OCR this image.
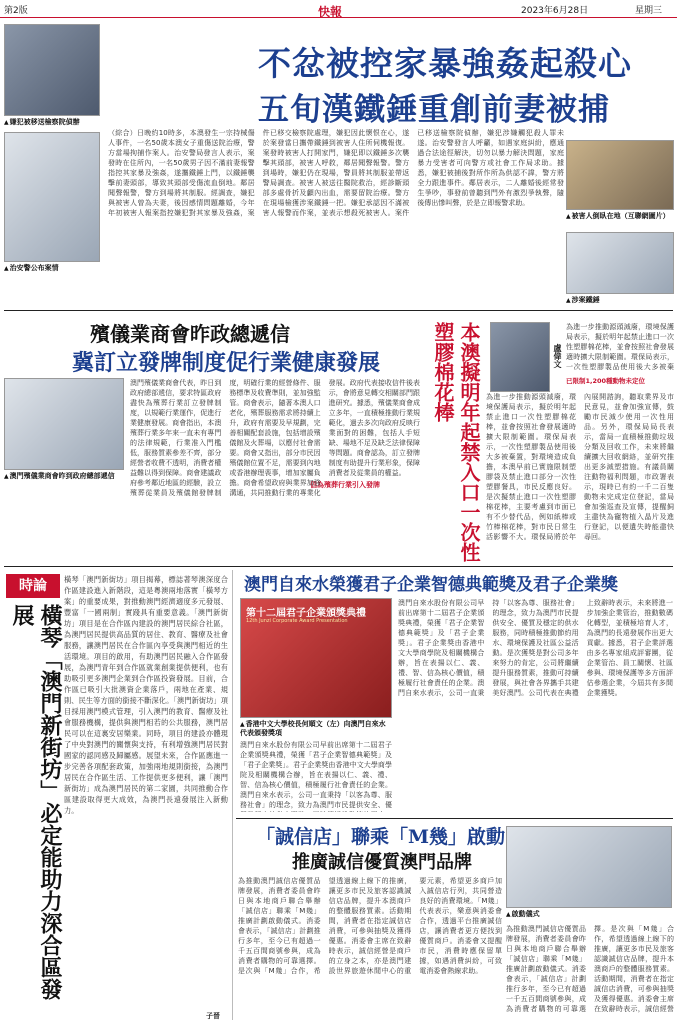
第2版	快報	2023年6月28日	星期三
▲ 嫌犯被移送檢察院偵辦
▲ 治安警公布案情
不忿被控家暴強姦起殺心
五旬漢鐵錘重創前妻被捕
（綜合）日晚約10時多，本澳發生一宗持械傷人事件，一名50歲本澳女子重傷送院治療，警方當場拘捕作案人。治安警局發言人表示，案發時在住所內，一名50歲男子因不滿前妻報警指控其家暴及強姦，遂攜鐵錘上門，以鐵錘襲擊前妻頭部，導致其頭部受傷流血倒地。鄰居聞聲報警，警方到場將其制服。經調查，嫌犯與被害人曾為夫妻，後因感情問題離婚，今年年初被害人報案指控嫌犯對其家暴及強姦，案件已移交檢察院處理，嫌犯因此懷恨在心，遂於案發當日攜帶鐵錘到被害人住所伺機報復。案發時被害人打開家門，嫌犯即以鐵錘多次襲擊其頭部，被害人呼救，鄰居聞聲報警。警方到場時，嫌犯仍在現場，警員將其制服並帶返警局調查。被害人被送往醫院救治，經診斷頭部多處骨折及顱內出血，需要留院治療。警方在現場檢獲涉案鐵錘一把。嫌犯承認因不滿被害人報警而作案，並表示想殺死被害人。案件已移送檢察院偵辦，嫌犯涉嫌觸犯殺人罪未遂。治安警發言人呼籲，如遇家庭糾紛，應通過合法途徑解決，切勿以暴力解決問題，家庭暴力受害者可向警方或社會工作局求助。據悉，嫌犯被捕後對所作所為供認不諱，警方將全力跟進事件。鄰居表示，二人離婚後經常發生爭吵，事發前曾聽到門外有激烈爭執聲，隨後傳出慘叫聲，於是立即報警求助。
▲ 被害人倒臥在地（互聯網圖片）
▲ 涉案鐵錘
殯儀業商會昨政總遞信
冀訂立發牌制度促行業健康發展
▲ 澳門殯儀業商會昨到政府總部遞信
倡為殯葬行業引入發牌
澳門殯儀業商會代表，昨日到政府總部遞信，要求特區政府盡快為殯葬行業訂立發牌制度，以規範行業運作，促進行業健康發展。商會指出，本澳殯葬行業多年來一直未有專門的法律規範，行業准入門檻低，服務質素參差不齊，部分經營者收費不透明，消費者權益難以得到保障。商會建議政府參考鄰近地區的經驗，設立殯葬從業員及殯儀館發牌制度，明確行業的經營條件、服務標準及收費準則，並加強監管。商會表示，隨著本澳人口老化，殯葬服務需求將持續上升，政府有需要及早規劃，完善相關配套設施，包括增設殯儀館及火葬場，以應付社會需要。商會又指出，部分市民因殯儀館位置不足，需要到內地或香港辦理喪事，增加家屬負擔。商會希望政府與業界加強溝通，共同推動行業的專業化發展。政府代表接收信件後表示，會將意見轉交相關部門跟進研究。據悉，殯儀業商會成立多年，一直積極推動行業規範化，過去多次向政府反映行業面對的困難，包括人手短缺、場地不足及缺乏法律保障等問題。商會認為，訂立發牌制度有助提升行業形象，保障消費者及從業員的權益。	本澳擬明年起禁入口一次性塑膠棉花棒	盧偉文
為進一步推動源頭減廢，環境保護局表示，擬於明年起禁止進口一次性塑膠棉花棒，並會按照社會發展適時擴大限制範圍。環保局表示，一次性塑膠製品使用後大多被棄
已限制1,200種動物未定位
為進一步推動源頭減廢，環境保護局表示，擬於明年起禁止進口一次性塑膠棉花棒，並會按照社會發展適時擴大限制範圍。環保局表示，一次性塑膠製品使用後大多被棄置，對環境造成負擔，本澳早前已實施限制塑膠袋及禁止進口部分一次性塑膠餐具，市民反應良好。是次擬禁止進口一次性塑膠棉花棒，主要考慮到市面已有不少替代品，例如紙棒或竹棒棉花棒，對市民日常生活影響不大。環保局將於年內展開諮詢，聽取業界及市民意見，並會加強宣傳，鼓勵市民減少使用一次性用品。另外，環保局局長表示，當局一直積極推動垃圾分類及回收工作，未來將繼續擴大回收網絡，並研究推出更多減塑措施。有議員關注動物福利問題，市政署表示，現時已有約一千二百隻動物未完成定位登記，當局會加強巡查及宣傳，提醒飼主盡快為寵物植入晶片及進行登記，以便遺失時能盡快尋回。
時論
橫琴「澳門新街坊」必定能助力深合區發展
橫琴「澳門新街坊」項目揭幕，標誌著琴澳深度合作區建設進入新階段，這是粵澳兩地落實「橫琴方案」的重要成果，對推動澳門經濟適度多元發展、豐富「一國兩制」實踐具有重要意義。「澳門新街坊」項目是在合作區內建設的澳門居民綜合社區，為澳門居民提供高品質的居住、教育、醫療及社會服務，讓澳門居民在合作區內享受與澳門相近的生活環境。項目的啟用，有助澳門居民融入合作區發展，為澳門青年到合作區就業創業提供便利，也有助吸引更多澳門企業到合作區投資發展。目前，合作區已吸引大批澳資企業落戶，兩地在產業、規則、民生等方面的銜接不斷深化。「澳門新街坊」項目採用澳門模式管理，引入澳門的教育、醫療及社會服務機構，提供與澳門相若的公共服務，澳門居民可以在這裏安居樂業。同時，項目的建設亦體現了中央對澳門的關懷與支持，有利增強澳門居民對國家的認同感及歸屬感。展望未來，合作區應進一步完善各項配套政策，加強兩地規則銜接，為澳門居民在合作區生活、工作提供更多便利，讓「澳門新街坊」成為澳門居民的第二家園，共同推動合作區建設取得更大成效，為澳門長遠發展注入新動力。
子晉
澳門自來水榮獲君子企業智德典範獎及君子企業獎
第十二屆君子企業頒獎典禮
12th Junzi Corporate Award Presentation
▲ 香港中文大學校長何順文（左）向澳門自來水代表頒發獎項
澳門自來水股份有限公司早前出席第十二屆君子企業頒獎典禮，榮獲「君子企業智德典範獎」及「君子企業獎」。君子企業獎由香港中文大學商學院及相關機構合辦，旨在表揚以仁、義、禮、智、信為核心價值，積極履行社會責任的企業。澳門自來水表示，公司一直秉持「以客為尊、服務社會」的理念，致力為澳門市民提供安全、優質及穩定的供水服務，同時積極推動節約用水、環境保護及社區公益活動。是次獲獎是對公司多年來努力的肯定，公司將繼續提升服務質素，推動可持續發展，與社會各界攜手共建美好澳門。公司代表在典禮上致辭時表示，未來將進一步加強企業管治，推動數碼化轉型，並積極培育人才，為澳門的長遠發展作出更大貢獻。據悉，君子企業評選由多名專家組成評審團，從企業管治、員工關懷、社區參與、環境保護等多方面評估參選企業，今屆共有多間企業獲獎。
澳門自來水股份有限公司早前出席第十二屆君子企業頒獎典禮，榮獲「君子企業智德典範獎」及「君子企業獎」。君子企業獎由香港中文大學商學院及相關機構合辦，旨在表揚以仁、義、禮、智、信為核心價值，積極履行社會責任的企業。澳門自來水表示，公司一直秉持「以客為尊、服務社會」的理念，致力為澳門市民提供安全、優
「誠信店」聯乘「M幾」啟動
推廣誠信優質澳門品牌
▲ 啟動儀式
為推動澳門誠信店優質品牌發展，消費者委員會昨日與本地商戶聯合舉辦「誠信店」聯乘「M幾」推廣計劃啟動儀式。消委會表示，「誠信店」計劃推行多年，至今已有超過一千五百間商號參與，成為消費者購物的可靠選擇。是次與「M幾」合作，希望透過線上線下的推廣，讓更多市民及旅客認識誠信店品牌，提升本澳商戶的整體服務質素。活動期間，消費者在指定誠信店消費，可參與抽獎及獲得優惠。消委會主席在致辭時表示，誠信經營是商戶的立身之本，亦是澳門建設世界旅遊休閒中心的重要元素，希望更多商戶加入誠信店行列，共同營造良好的消費環境。「M幾」代表表示，樂意與消委會合作，透過平台推廣誠信店，讓消費者更方便找到優質商戶。消委會又提醒市民，消費時應保留單據，如遇消費糾紛，可致電消委會熱線求助。
為推動澳門誠信店優質品牌發展，消費者委員會昨日與本地商戶聯合舉辦「誠信店」聯乘「M幾」推廣計劃啟動儀式。消委會表示，「誠信店」計劃推行多年，至今已有超過一千五百間商號參與，成為消費者購物的可靠選擇。是次與「M幾」合作，希望透過線上線下的推廣，讓更多市民及旅客認識誠信店品牌，提升本澳商戶的整體服務質素。活動期間，消費者在指定誠信店消費，可參與抽獎及獲得優惠。消委會主席在致辭時表示，誠信經營
